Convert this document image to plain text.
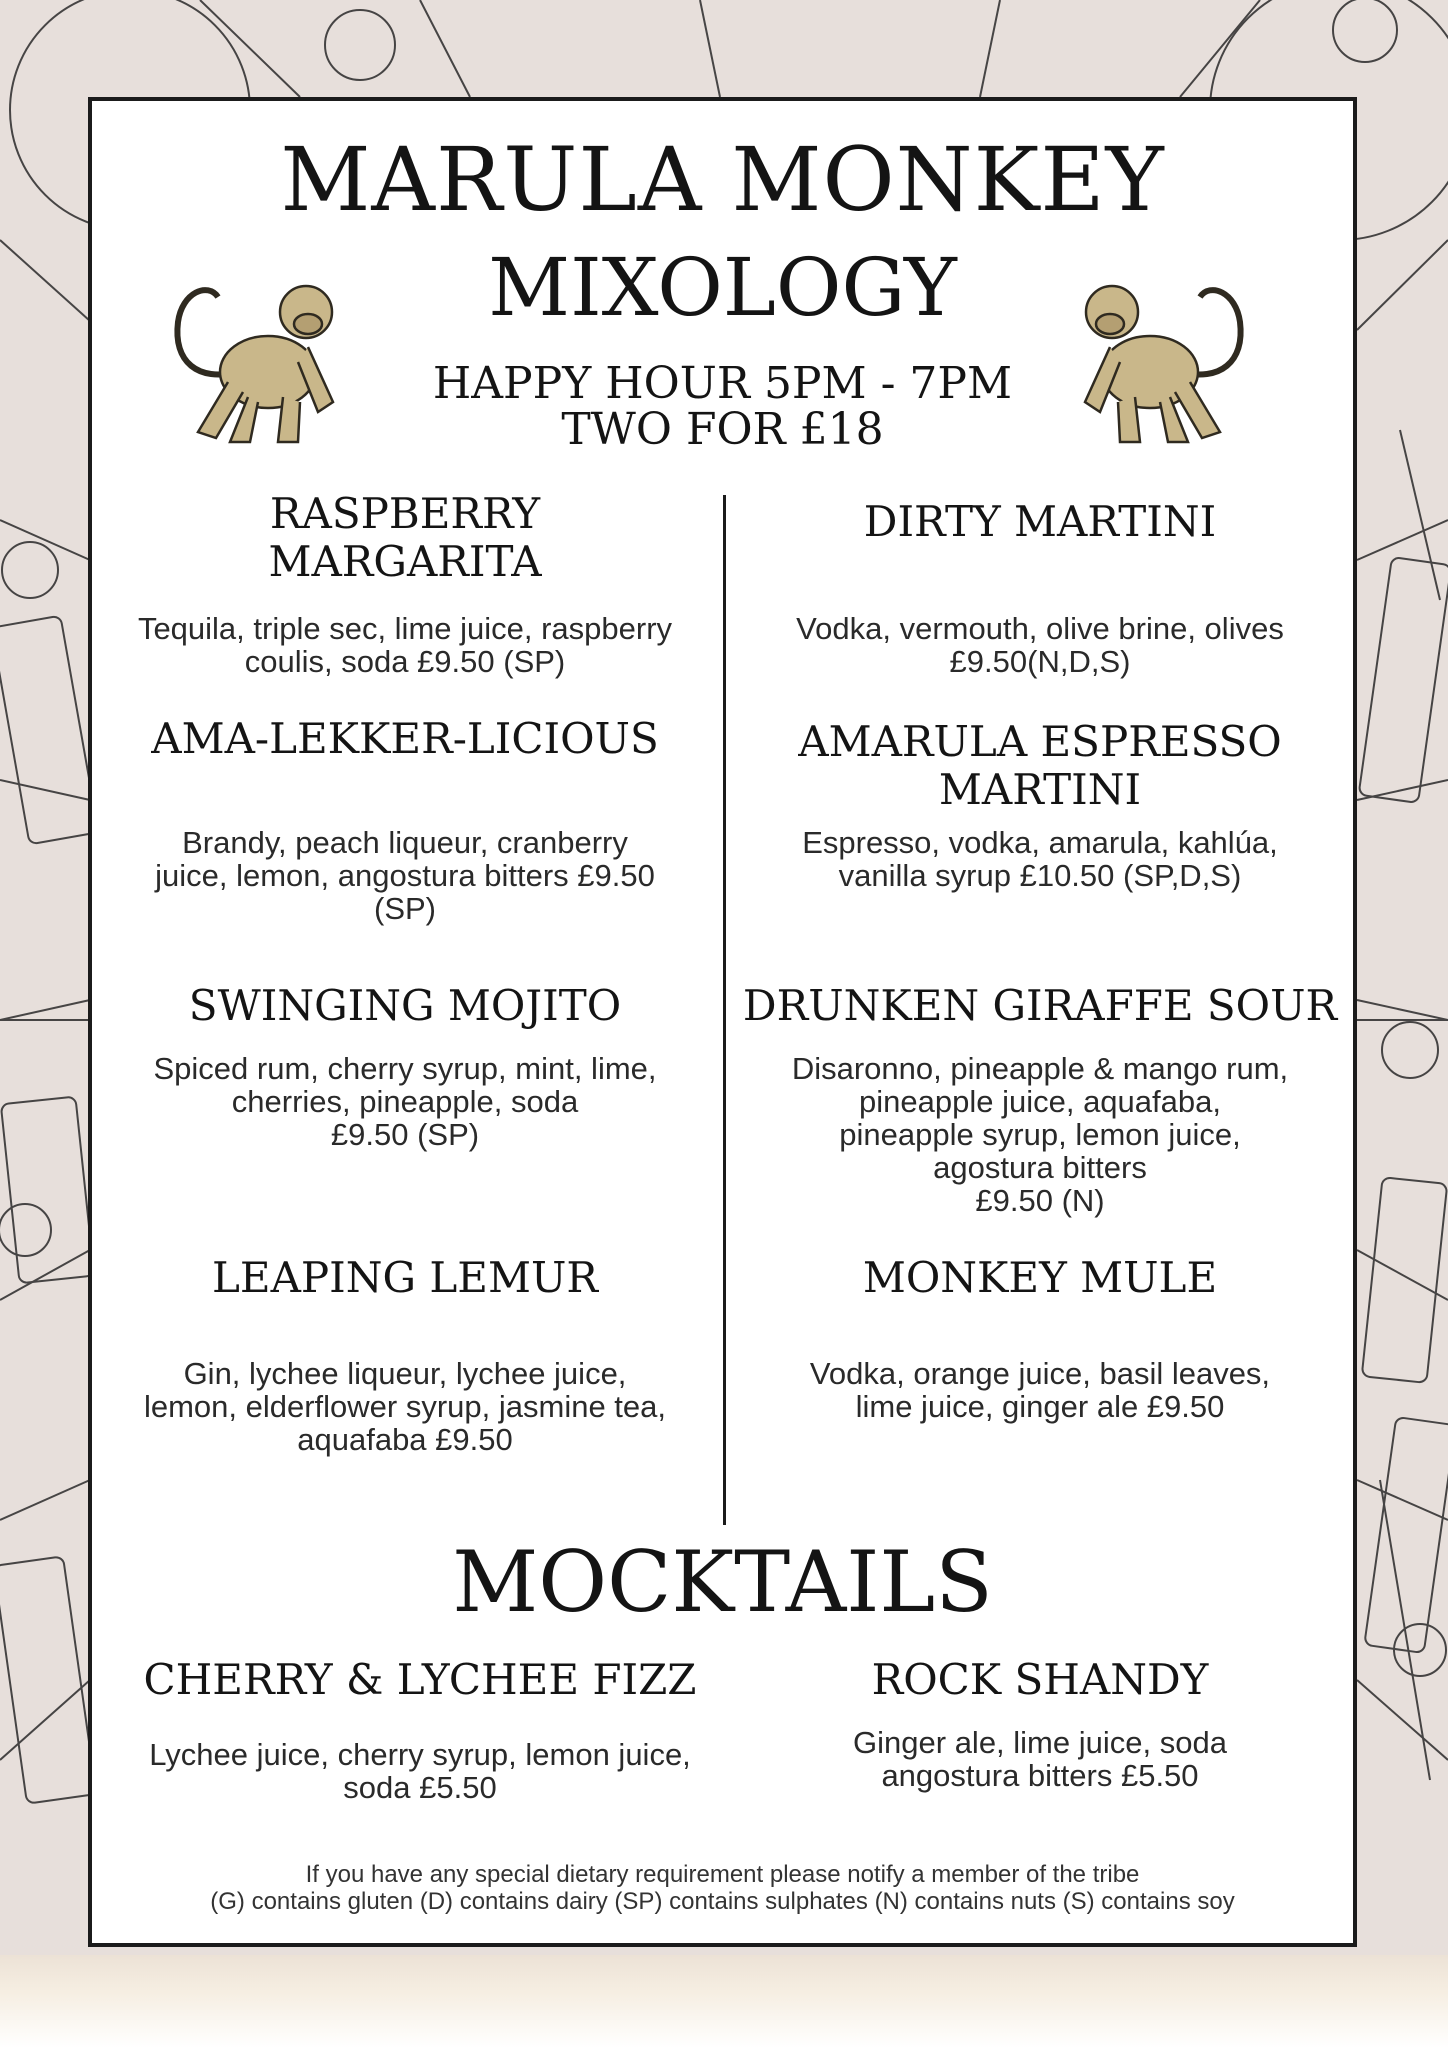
MARULA MONKEY
MIXOLOGY
HAPPY HOUR 5PM - 7PM
TWO FOR £18
RASPBERRY
MARGARITA
Tequila, triple sec, lime juice, raspberry
coulis, soda £9.50 (SP)
AMA-LEKKER-LICIOUS
Brandy, peach liqueur, cranberry
juice, lemon, angostura bitters £9.50
(SP)
SWINGING MOJITO
Spiced rum, cherry syrup, mint, lime,
cherries, pineapple, soda
£9.50 (SP)
LEAPING LEMUR
Gin, lychee liqueur, lychee juice,
lemon, elderflower syrup, jasmine tea,
aquafaba £9.50
DIRTY MARTINI
Vodka, vermouth, olive brine, olives
£9.50(N,D,S)
AMARULA ESPRESSO
MARTINI
Espresso, vodka, amarula, kahlúa,
vanilla syrup £10.50 (SP,D,S)
DRUNKEN GIRAFFE SOUR
Disaronno, pineapple & mango rum,
pineapple juice, aquafaba,
pineapple syrup, lemon juice,
agostura bitters
£9.50 (N)
MONKEY MULE
Vodka, orange juice, basil leaves,
lime juice, ginger ale £9.50
MOCKTAILS
CHERRY & LYCHEE FIZZ
Lychee juice, cherry syrup, lemon juice,
soda £5.50
ROCK SHANDY
Ginger ale, lime juice, soda
angostura bitters £5.50
If you have any special dietary requirement please notify a member of the tribe
(G) contains gluten (D) contains dairy (SP) contains sulphates (N) contains nuts (S) contains soy
